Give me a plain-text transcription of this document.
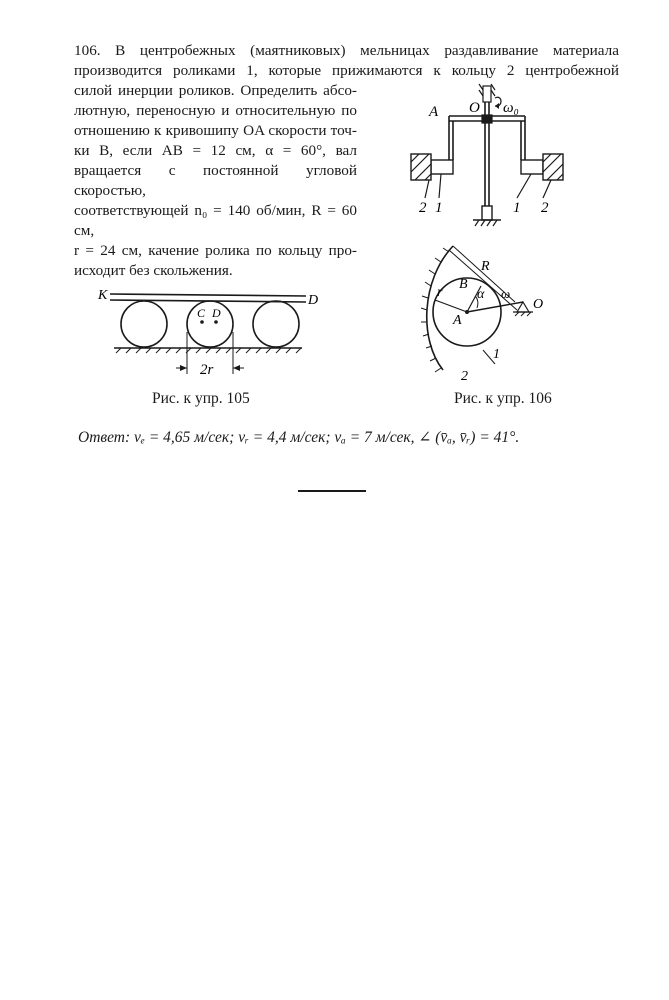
106. В центробежных (маятниковых) мельницах раздавливание материала
производится роликами 1, которые прижимаются к кольцу 2 центробежной
силой инерции роликов. Определить абсо-
лютную, переносную и относительную по
отношению к кривошипу OA скорости точ-
ки B, если AB = 12 см, α = 60°, вал
вращается с постоянной угловой скоростью,
соответствующей n₀ = 140 об/мин, R = 60 см,
r = 24 см, качение ролика по кольцу про-
исходит без скольжения.
A O ω₀
2 1	1 2
R
B
α
r	ω
O
A
1
2
K	D
C D
2r
Рис. к упр. 105	Рис. к упр. 106
Ответ: vₑ = 4,65 м/сек; vᵣ = 4,4 м/сек; vₐ = 7 м/сек, ∠ (v̄ₐ, v̄ᵣ) = 41°.
